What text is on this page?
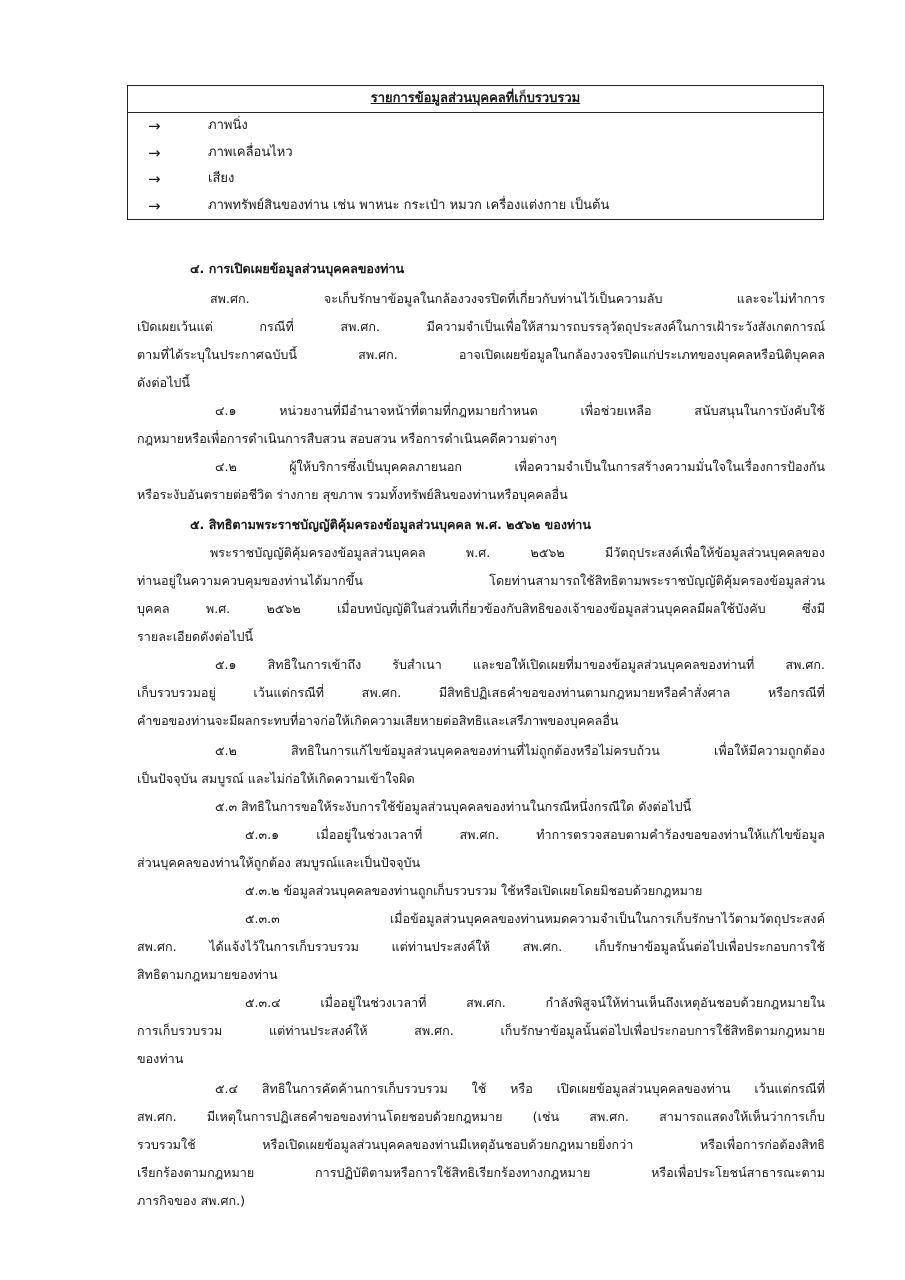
รายการข้อมูลส่วนบุคคลที่เก็บรวบรวม
→	ภาพนิ่ง
→	ภาพเคลื่อนไหว
→	เสียง
→	ภาพทรัพย์สินของท่าน เช่น พาหนะ กระเป๋า หมวก เครื่องแต่งกาย เป็นต้น
๔. การเปิดเผยข้อมูลส่วนบุคคลของท่าน
สพ.ศก. จะเก็บรักษาข้อมูลในกล้องวงจรปิดที่เกี่ยวกับท่านไว้เป็นความลับ และจะไม่ทำการ
เปิดเผยเว้นแต่ กรณีที่ สพ.ศก. มีความจำเป็นเพื่อให้สามารถบรรลุวัตถุประสงค์ในการเฝ้าระวังสังเกตการณ์
ตามที่ได้ระบุในประกาศฉบับนี้ สพ.ศก. อาจเปิดเผยข้อมูลในกล้องวงจรปิดแก่ประเภทของบุคคลหรือนิติบุคคล
ดังต่อไปนี้
๔.๑ หน่วยงานที่มีอำนาจหน้าที่ตามที่กฎหมายกำหนด เพื่อช่วยเหลือ สนับสนุนในการบังคับใช้
กฎหมายหรือเพื่อการดำเนินการสืบสวน สอบสวน หรือการดำเนินคดีความต่างๆ
๔.๒ ผู้ให้บริการซึ่งเป็นบุคคลภายนอก เพื่อความจำเป็นในการสร้างความมั่นใจในเรื่องการป้องกัน
หรือระงับอันตรายต่อชีวิต ร่างกาย สุขภาพ รวมทั้งทรัพย์สินของท่านหรือบุคคลอื่น
๕. สิทธิตามพระราชบัญญัติคุ้มครองข้อมูลส่วนบุคคล พ.ศ. ๒๕๖๒ ของท่าน
พระราชบัญญัติคุ้มครองข้อมูลส่วนบุคคล พ.ศ. ๒๕๖๒ มีวัตถุประสงค์เพื่อให้ข้อมูลส่วนบุคคลของ
ท่านอยู่ในความควบคุมของท่านได้มากขึ้น โดยท่านสามารถใช้สิทธิตามพระราชบัญญัติคุ้มครองข้อมูลส่วน
บุคคล พ.ศ. ๒๕๖๒ เมื่อบทบัญญัติในส่วนที่เกี่ยวข้องกับสิทธิของเจ้าของข้อมูลส่วนบุคคลมีผลใช้บังคับ ซึ่งมี
รายละเอียดดังต่อไปนี้
๕.๑ สิทธิในการเข้าถึง รับสำเนา และขอให้เปิดเผยที่มาของข้อมูลส่วนบุคคลของท่านที่ สพ.ศก.
เก็บรวบรวมอยู่ เว้นแต่กรณีที่ สพ.ศก. มีสิทธิปฏิเสธคำขอของท่านตามกฎหมายหรือคำสั่งศาล หรือกรณีที่
คำขอของท่านจะมีผลกระทบที่อาจก่อให้เกิดความเสียหายต่อสิทธิและเสรีภาพของบุคคลอื่น
๕.๒ สิทธิในการแก้ไขข้อมูลส่วนบุคคลของท่านที่ไม่ถูกต้องหรือไม่ครบถ้วน เพื่อให้มีความถูกต้อง
เป็นปัจจุบัน สมบูรณ์ และไม่ก่อให้เกิดความเข้าใจผิด
๕.๓ สิทธิในการขอให้ระงับการใช้ข้อมูลส่วนบุคคลของท่านในกรณีหนึ่งกรณีใด ดังต่อไปนี้
๕.๓.๑ เมื่ออยู่ในช่วงเวลาที่ สพ.ศก. ทำการตรวจสอบตามคำร้องขอของท่านให้แก้ไขข้อมูล
ส่วนบุคคลของท่านให้ถูกต้อง สมบูรณ์และเป็นปัจจุบัน
๕.๓.๒ ข้อมูลส่วนบุคคลของท่านถูกเก็บรวบรวม ใช้หรือเปิดเผยโดยมิชอบด้วยกฎหมาย
๕.๓.๓ เมื่อข้อมูลส่วนบุคคลของท่านหมดความจำเป็นในการเก็บรักษาไว้ตามวัตถุประสงค์
สพ.ศก. ได้แจ้งไว้ในการเก็บรวบรวม แต่ท่านประสงค์ให้ สพ.ศก. เก็บรักษาข้อมูลนั้นต่อไปเพื่อประกอบการใช้
สิทธิตามกฎหมายของท่าน
๕.๓.๔ เมื่ออยู่ในช่วงเวลาที่ สพ.ศก. กำลังพิสูจน์ให้ท่านเห็นถึงเหตุอันชอบด้วยกฎหมายใน
การเก็บรวบรวม แต่ท่านประสงค์ให้ สพ.ศก. เก็บรักษาข้อมูลนั้นต่อไปเพื่อประกอบการใช้สิทธิตามกฎหมาย
ของท่าน
๕.๔ สิทธิในการคัดค้านการเก็บรวบรวม ใช้ หรือ เปิดเผยข้อมูลส่วนบุคคลของท่าน เว้นแต่กรณีที่
สพ.ศก. มีเหตุในการปฏิเสธคำขอของท่านโดยชอบด้วยกฎหมาย (เช่น สพ.ศก. สามารถแสดงให้เห็นว่าการเก็บ
รวบรวมใช้ หรือเปิดเผยข้อมูลส่วนบุคคลของท่านมีเหตุอันชอบด้วยกฎหมายยิ่งกว่า หรือเพื่อการก่อต้องสิทธิ
เรียกร้องตามกฎหมาย การปฏิบัติตามหรือการใช้สิทธิเรียกร้องทางกฎหมาย หรือเพื่อประโยชน์สาธารณะตาม
ภารกิจของ สพ.ศก.)
